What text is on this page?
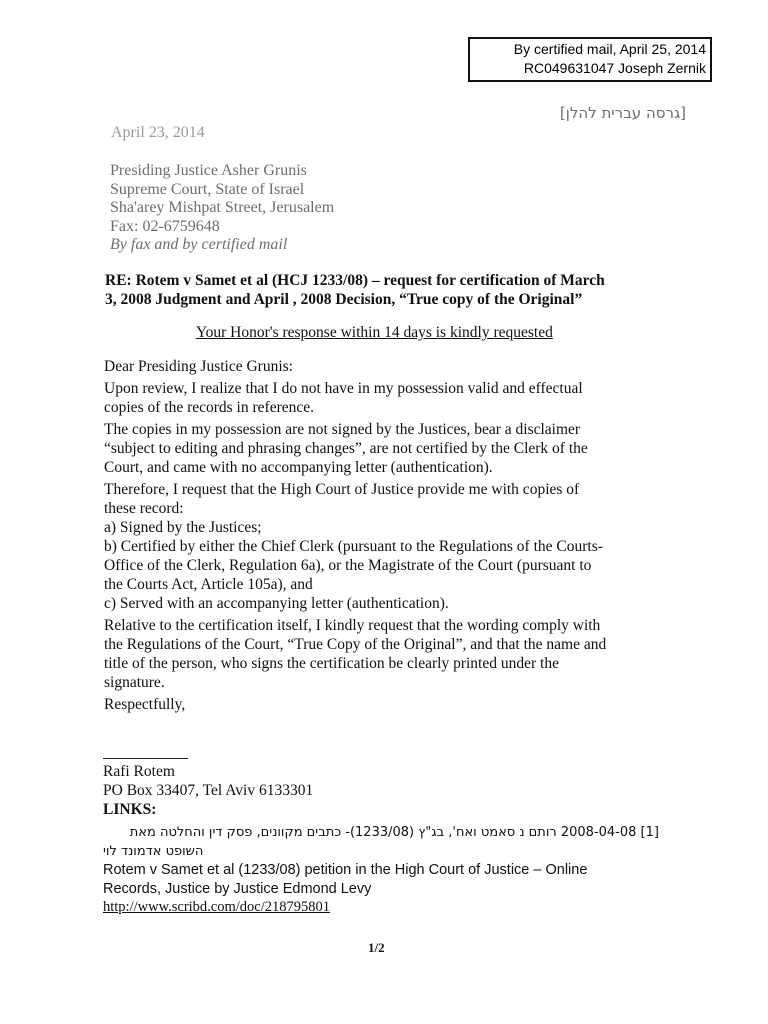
By certified mail, April 25, 2014
RC049631047 Joseph Zernik
[גרסה עברית להלן]
April 23, 2014
Presiding Justice Asher Grunis
Supreme Court, State of Israel
Sha'arey Mishpat Street, Jerusalem
Fax: 02-6759648
By fax and by certified mail
RE: Rotem v Samet et al (HCJ 1233/08) – request for certification of March
3, 2008 Judgment and April , 2008 Decision, “True copy of the Original”
Your Honor's response within 14 days is kindly requested

Dear Presiding Justice Grunis:

Upon review, I realize that I do not have in my possession valid and effectual
copies of the records in reference.

The copies in my possession are not signed by the Justices, bear a disclaimer
“subject to editing and phrasing changes”, are not certified by the Clerk of the
Court, and came with no accompanying letter (authentication).

Therefore, I request that the High Court of Justice provide me with copies of
these record:
a) Signed by the Justices;
b) Certified by either the Chief Clerk (pursuant to the Regulations of the Courts-
Office of the Clerk, Regulation 6a), or the Magistrate of the Court (pursuant to
the Courts Act, Article 105a), and
c) Served with an accompanying letter (authentication).

Relative to the certification itself, I kindly request that the wording comply with
the Regulations of the Court, “True Copy of the Original”, and that the name and
title of the person, who signs the certification be clearly printed under the
signature.

Respectfully,

Rafi Rotem
PO Box 33407, Tel Aviv 6133301
LINKS:
[1] 2008-04-08 רותם נ סאמט ואח', בג"ץ (1233/08)- כתבים מקוונים, פסק דין והחלטה מאת
השופט אדמונד לוי
Rotem v Samet et al (1233/08) petition in the High Court of Justice – Online
Records, Justice by Justice Edmond Levy
http://www.scribd.com/doc/218795801
1/2
